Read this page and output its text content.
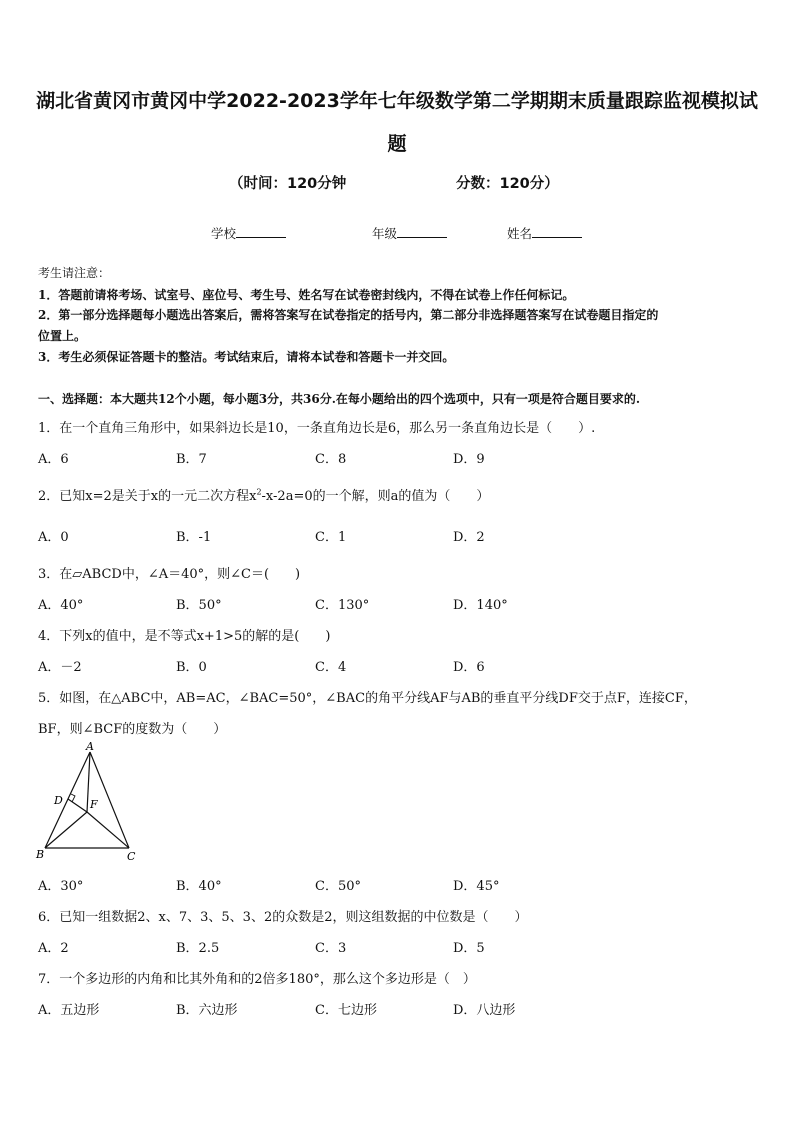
湖北省黄冈市黄冈中学2022-2023学年七年级数学第二学期期末质量跟踪监视模拟试
题
（时间：120分钟	分数：120分）
学校	年级	姓名
考生请注意：
1．答题前请将考场、试室号、座位号、考生号、姓名写在试卷密封线内，不得在试卷上作任何标记。
2．第一部分选择题每小题选出答案后，需将答案写在试卷指定的括号内，第二部分非选择题答案写在试卷题目指定的
位置上。
3．考生必须保证答题卡的整洁。考试结束后，请将本试卷和答题卡一并交回。
一、选择题：本大题共12个小题，每小题3分，共36分.在每小题给出的四个选项中，只有一项是符合题目要求的.
1．在一个直角三角形中，如果斜边长是10，一条直角边长是6，那么另一条直角边长是（　　）.
A．6	B．7	C．8	D．9
2．已知x=2是关于x的一元二次方程$x^2-x-2a=0$的一个解，则a的值为（　　）
A．0	B．-1	C．1	D．2
3．在▱ABCD中，∠A＝40°，则∠C＝(　　)
A．40°	B．50°	C．130°	D．140°
4．下列x的值中，是不等式x+1>5的解的是(　　)
A．－2	B．0	C．4	D．6
5．如图，在△ABC中，AB=AC，∠BAC=50°，∠BAC的角平分线AF与AB的垂直平分线DF交于点F，连接CF，
BF，则∠BCF的度数为（　　）
A
B	C
D F
A．30°	B．40°	C．50°	D．45°
6．已知一组数据2、x、7、3、5、3、2的众数是2，则这组数据的中位数是（　　）
A．2	B．2.5	C．3	D．5
7．一个多边形的内角和比其外角和的2倍多180°，那么这个多边形是（　）
A．五边形	B．六边形	C．七边形	D．八边形
